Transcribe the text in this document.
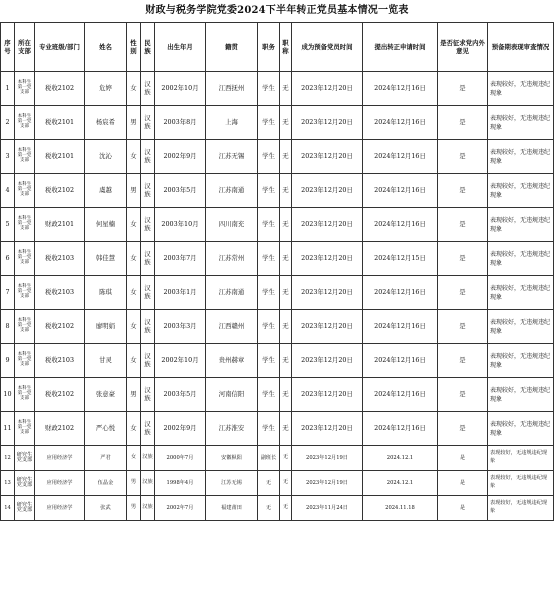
财政与税务学院党委2024下半年转正党员基本情况一览表
序号	所在支部	专业班级/部门	姓名	性别	民族	出生年月	籍贯	职务	职称	成为预备党员时间	提出转正申请时间	是否征求党内外意见	预备期表现审查情况
1	本科生第一党支部	税收2102	危婷	女	汉族	2002年10月	江西抚州	学生	无	2023年12月20日	2024年12月16日	是	表现较好，无违规违纪现象
2	本科生第一党支部	税收2101	杨宸希	男	汉族	2003年8月	上海	学生	无	2023年12月20日	2024年12月16日	是	表现较好，无违规违纪现象
3	本科生第一党支部	税收2101	沈沁	女	汉族	2002年9月	江苏无锡	学生	无	2023年12月20日	2024年12月16日	是	表现较好，无违规违纪现象
4	本科生第一党支部	税收2102	虞越	男	汉族	2003年5月	江苏南通	学生	无	2023年12月20日	2024年12月16日	是	表现较好，无违规违纪现象
5	本科生第一党支部	财政2101	何星楠	女	汉族	2003年10月	四川南充	学生	无	2023年12月20日	2024年12月16日	是	表现较好，无违规违纪现象
6	本科生第一党支部	税收2103	韩佳慧	女	汉族	2003年7月	江苏常州	学生	无	2023年12月20日	2024年12月15日	是	表现较好，无违规违纪现象
7	本科生第一党支部	税收2103	陈琪	女	汉族	2003年1月	江苏南通	学生	无	2023年12月20日	2024年12月16日	是	表现较好，无违规违纪现象
8	本科生第一党支部	税收2102	廖明娟	女	汉族	2003年3月	江西赣州	学生	无	2023年12月20日	2024年12月16日	是	表现较好，无违规违纪现象
9	本科生第一党支部	税收2103	甘灵	女	汉族	2002年10月	贵州赫章	学生	无	2023年12月20日	2024年12月16日	是	表现较好，无违规违纪现象
10	本科生第一党支部	税收2102	张意豪	男	汉族	2003年5月	河南信阳	学生	无	2023年12月20日	2024年12月16日	是	表现较好，无违规违纪现象
11	本科生第一党支部	财政2102	严心悦	女	汉族	2002年9月	江苏淮安	学生	无	2023年12月20日	2024年12月16日	是	表现较好，无违规违纪现象
12	研究生党支部	应用经济学	严君	女	汉族	2000年7月	安徽枞阳	副班长	无	2023年12月19日	2024.12.1	是	表现较好，无违规违纪现象
13	研究生党支部	应用经济学	伍晶金	男	汉族	1998年4月	江苏无锡	无	无	2023年12月19日	2024.12.1	是	表现较好，无违规违纪现象
14	研究生党支部	应用经济学	张武	男	汉族	2002年7月	福建莆田	无	无	2023年11月24日	2024.11.18	是	表现较好，无违规违纪现象
